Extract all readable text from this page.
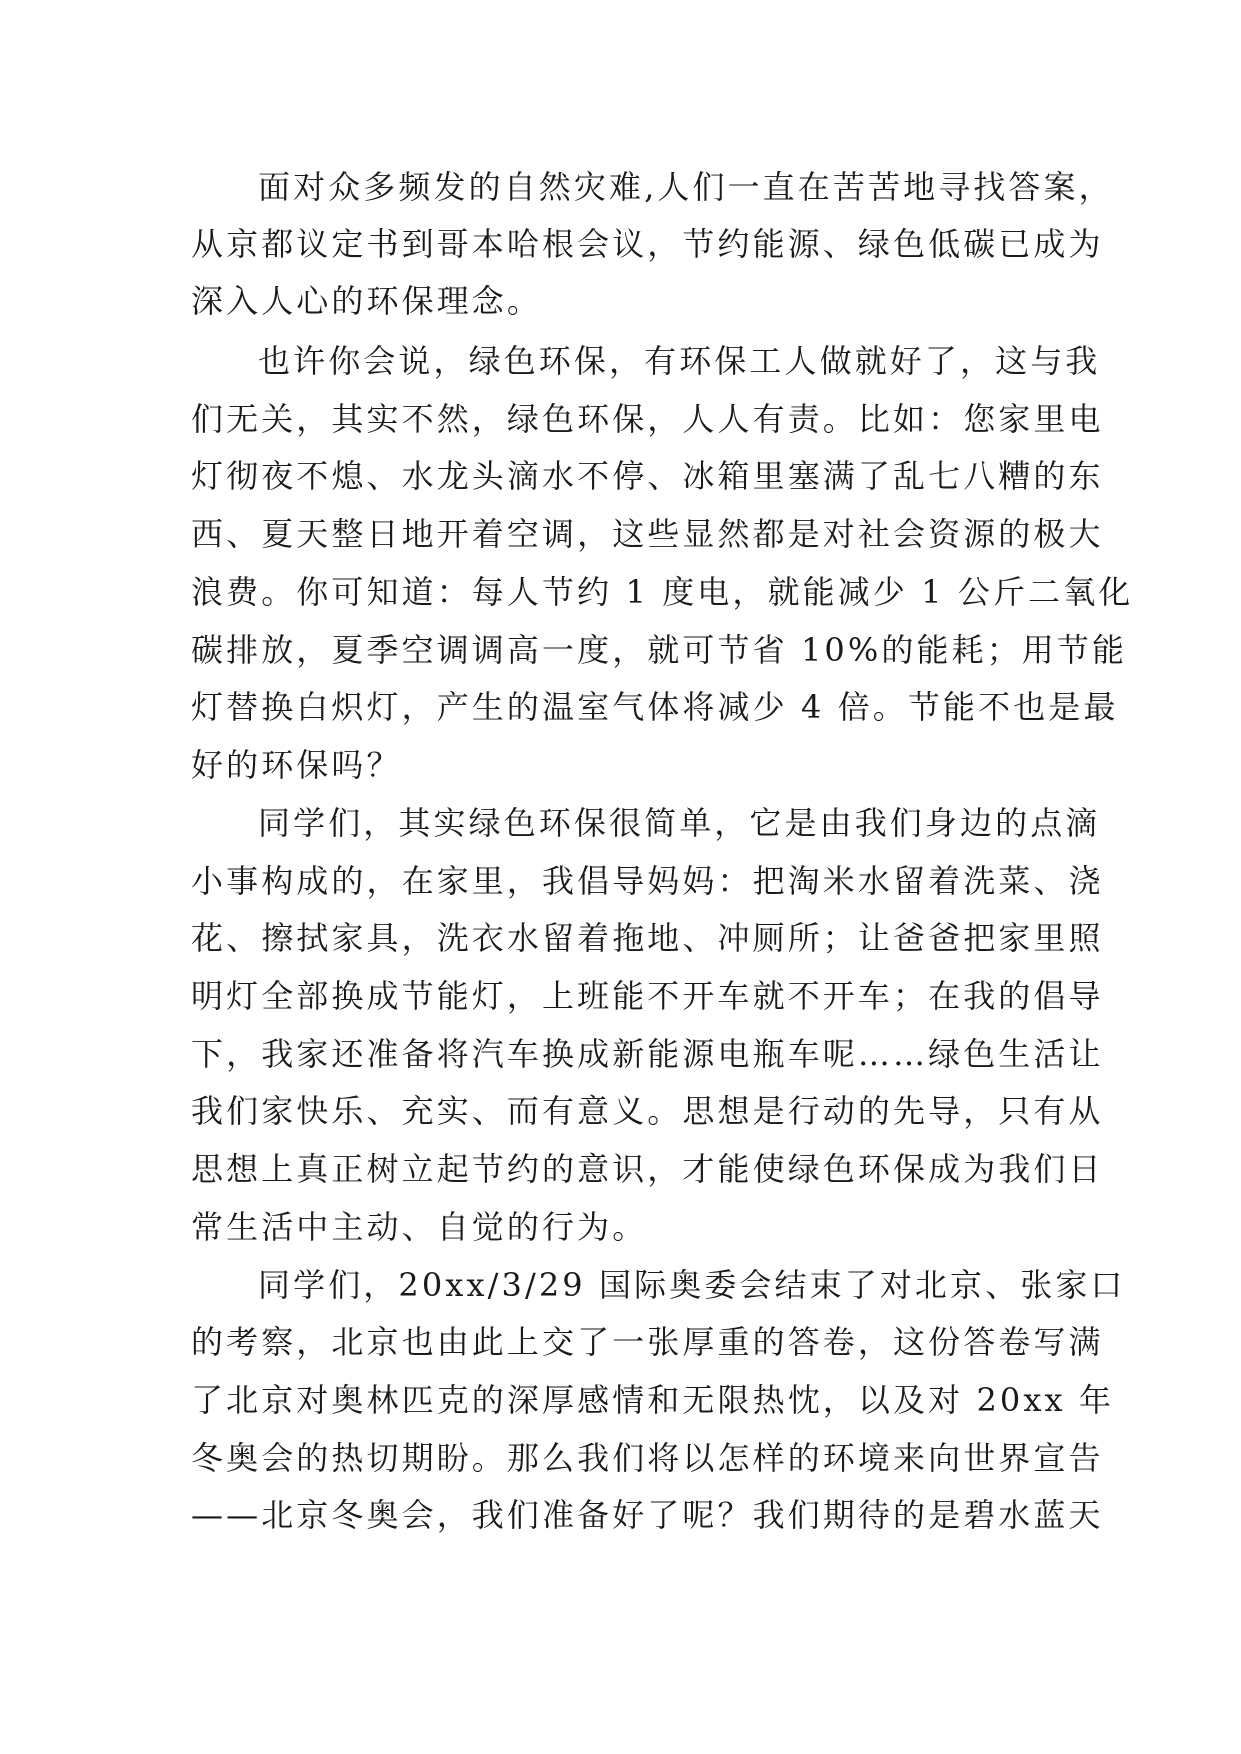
面对众多频发的自然灾难,人们一直在苦苦地寻找答案，
从京都议定书到哥本哈根会议，节约能源、绿色低碳已成为
深入人心的环保理念。
也许你会说，绿色环保，有环保工人做就好了，这与我
们无关，其实不然，绿色环保，人人有责。比如：您家里电
灯彻夜不熄、水龙头滴水不停、冰箱里塞满了乱七八糟的东
西、夏天整日地开着空调，这些显然都是对社会资源的极大
浪费。你可知道：每人节约 1 度电，就能减少 1 公斤二氧化
碳排放，夏季空调调高一度，就可节省 10%的能耗；用节能
灯替换白炽灯，产生的温室气体将减少 4 倍。节能不也是最
好的环保吗？
同学们，其实绿色环保很简单，它是由我们身边的点滴
小事构成的，在家里，我倡导妈妈：把淘米水留着洗菜、浇
花、擦拭家具，洗衣水留着拖地、冲厕所；让爸爸把家里照
明灯全部换成节能灯，上班能不开车就不开车；在我的倡导
下，我家还准备将汽车换成新能源电瓶车呢……绿色生活让
我们家快乐、充实、而有意义。思想是行动的先导，只有从
思想上真正树立起节约的意识，才能使绿色环保成为我们日
常生活中主动、自觉的行为。
同学们，20xx/3/29 国际奥委会结束了对北京、张家口
的考察，北京也由此上交了一张厚重的答卷，这份答卷写满
了北京对奥林匹克的深厚感情和无限热忱，以及对 20xx 年
冬奥会的热切期盼。那么我们将以怎样的环境来向世界宣告
——北京冬奥会，我们准备好了呢？我们期待的是碧水蓝天
